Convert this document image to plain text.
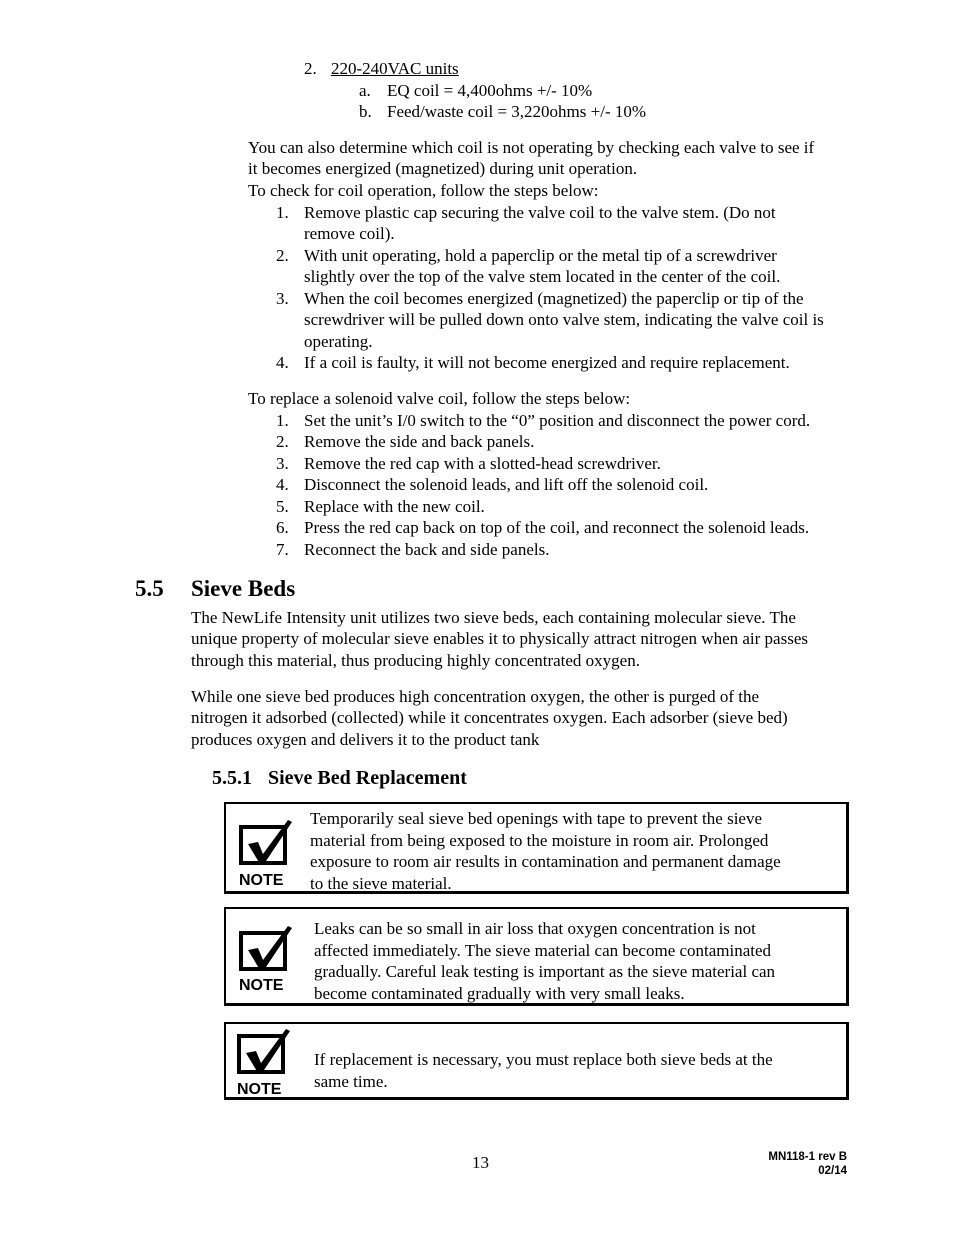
2. 220-240VAC units
a. EQ coil = 4,400ohms +/- 10%
b. Feed/waste coil = 3,220ohms +/- 10%
You can also determine which coil is not operating by checking each valve to see if
it becomes energized (magnetized) during unit operation.
To check for coil operation, follow the steps below:
1. Remove plastic cap securing the valve coil to the valve stem. (Do not
remove coil).
2. With unit operating, hold a paperclip or the metal tip of a screwdriver
slightly over the top of the valve stem located in the center of the coil.
3. When the coil becomes energized (magnetized) the paperclip or tip of the
screwdriver will be pulled down onto valve stem, indicating the valve coil is
operating.
4. If a coil is faulty, it will not become energized and require replacement.
To replace a solenoid valve coil, follow the steps below:
1. Set the unit’s I/0 switch to the “0” position and disconnect the power cord.
2. Remove the side and back panels.
3. Remove the red cap with a slotted-head screwdriver.
4. Disconnect the solenoid leads, and lift off the solenoid coil.
5. Replace with the new coil.
6. Press the red cap back on top of the coil, and reconnect the solenoid leads.
7. Reconnect the back and side panels.
5.5 Sieve Beds
The NewLife Intensity unit utilizes two sieve beds, each containing molecular sieve. The
unique property of molecular sieve enables it to physically attract nitrogen when air passes
through this material, thus producing highly concentrated oxygen.
While one sieve bed produces high concentration oxygen, the other is purged of the
nitrogen it adsorbed (collected) while it concentrates oxygen. Each adsorber (sieve bed)
produces oxygen and delivers it to the product tank
5.5.1 Sieve Bed Replacement
NOTE
Temporarily seal sieve bed openings with tape to prevent the sieve
material from being exposed to the moisture in room air. Prolonged
exposure to room air results in contamination and permanent damage
to the sieve material.
NOTE
Leaks can be so small in air loss that oxygen concentration is not
affected immediately. The sieve material can become contaminated
gradually. Careful leak testing is important as the sieve material can
become contaminated gradually with very small leaks.
NOTE
If replacement is necessary, you must replace both sieve beds at the
same time.
13	MN118-1 rev B
02/14
